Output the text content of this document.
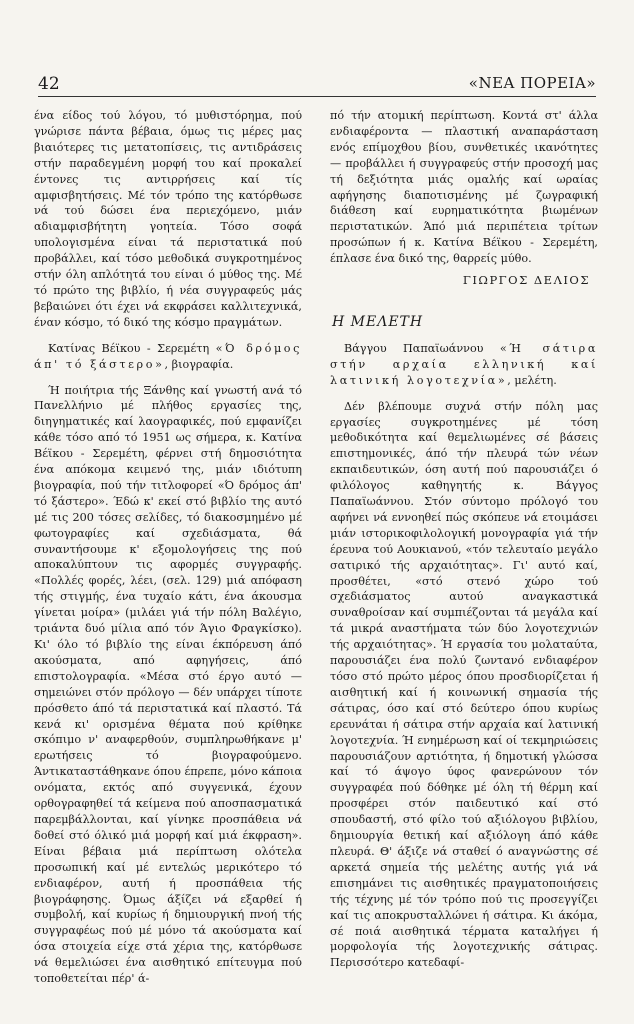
42	«ΝΕΑ ΠΟΡΕΙΑ»

ένα είδος τού λόγου, τό μυθιστόρημα, πού γνώρισε πάντα βέβαια, όμως τις μέρες μας βιαιότερες τις μετατοπίσεις, τις αντιδράσεις στήν παραδεγμένη μορφή του καί προκαλεί έντονες τις αντιρρήσεις καί τίς αμφισβητήσεις. Μέ τόν τρόπο της κατόρθωσε νά τού δώσει ένα περιεχόμενο, μιάν αδιαμφισβήτητη γοητεία. Τόσο σοφά υπολογισμένα είναι τά περιστατικά πού προβάλλει, καί τόσο μεθοδικά συγκροτημένος στήν όλη απλότητά του είναι ό μύθος της. Μέ τό πρώτο της βιβλίο, ή νέα συγγραφεύς μάς βεβαιώνει ότι έχει νά εκφράσει καλλιτεχνικά, έναν κόσμο, τό δικό της κόσμο πραγμάτων.

Κατίνας Βέϊκου - Σερεμέτη «Ό δρόμος άπ' τό ξάστερο», βιογραφία.

Ή ποιήτρια τής Ξάνθης καί γνωστή ανά τό Πανελλήνιο μέ πλήθος εργασίες της, διηγηματικές καί λαογραφικές, πού εμφανίζει κάθε τόσο από τό 1951 ως σήμερα, κ. Κατίνα Βέϊκου - Σερεμέτη, φέρνει στή δημοσιότητα ένα απόκομα κειμενό της, μιάν ιδιότυπη βιογραφία, πού τήν τιτλοφορεί «Ό δρόμος άπ' τό ξάστερο». Έδώ κ' εκεί στό βιβλίο της αυτό μέ τις 200 τόσες σελίδες, τό διακοσμημένο μέ φωτογραφίες καί σχεδιάσματα, θά συναντήσουμε κ' εξομολογήσεις της πού αποκαλύπτουν τις αφορμές συγγραφής. «Πολλές φορές, λέει, (σελ. 129) μιά απόφαση τής στιγμής, ένα τυχαίο κάτι, ένα άκουσμα γίνεται μοίρα» (μιλάει γιά τήν πόλη Βαλέγιο, τριάντα δυό μίλια από τόν Άγιο Φραγκίσκο). Κι' όλο τό βιβλίο της είναι έκπόρευση άπό ακούσματα, από αφηγήσεις, άπό επιστολογραφία. «Μέσα στό έργο αυτό — σημειώνει στόν πρόλογο — δέν υπάρχει τίποτε πρόσθετο άπό τά περιστατικά καί πλαστό. Τά κενά κι' ορισμένα θέματα πού κρίθηκε σκόπιμο ν' αναφερθούν, συμπληρωθήκανε μ' ερωτήσεις τό βιογραφούμενο. Άντικαταστάθηκανε όπου έπρεπε, μόνο κάποια ονόματα, εκτός από συγγενικά, έχουν ορθογραφηθεί τά κείμενα πού αποσπασματικά παρεμβάλλονται, καί γίνηκε προσπάθεια νά δοθεί στό όλικό μιά μορφή καί μιά έκφραση». Είναι βέβαια μιά περίπτωση ολότελα προσωπική καί μέ εντελώς μερικότερο τό ενδιαφέρον, αυτή ή προσπάθεια τής βιογράφησης. Όμως άξίζει νά εξαρθεί ή συμβολή, καί κυρίως ή δημιουργική πνοή τής συγγραφέως πού μέ μόνο τά ακούσματα καί όσα στοιχεία είχε στά χέρια της, κατόρθωσε νά θεμελιώσει ένα αισθητικό επίτευγμα πού τοποθετείται πέρ' ά-

πό τήν ατομική περίπτωση. Κοντά στ' άλλα ενδιαφέροντα — πλαστική αναπαράσταση ενός επίμοχθου βίου, συνθετικές ικανότητες — προβάλλει ή συγγραφεύς στήν προσοχή μας τή δεξιότητα μιάς ομαλής καί ωραίας αφήγησης διαποτισμένης μέ ζωγραφική διάθεση καί ευρηματικότητα βιωμένων περιστατικών. Άπό μιά περιπέτεια τρίτων προσώπων ή κ. Κατίνα Βέϊκου - Σερεμέτη, έπλασε ένα δικό της, θαρρείς μύθο.

ΓΙΩΡΓΟΣ ΔΕΛΙΟΣ
Η ΜΕΛΕΤΗ

Βάγγου Παπαϊωάννου «Ή σάτιρα στήν αρχαία ελληνική καί λατινική λογοτεχνία», μελέτη.

Δέν βλέπουμε συχνά στήν πόλη μας εργασίες συγκροτημένες μέ τόση μεθοδικότητα καί θεμελιωμένες σέ βάσεις επιστημονικές, άπό τήν πλευρά τών νέων εκπαιδευτικών, όση αυτή πού παρουσιάζει ό φιλόλογος καθηγητής κ. Βάγγος Παπαϊωάννου. Στόν σύντομο πρόλογό του αφήνει νά εννοηθεί πώς σκόπευε νά ετοιμάσει μιάν ιστορικοφιλολογική μονογραφία γιά τήν έρευνα τού Αουκιανού, «τόν τελευταίο μεγάλο σατιρικό τής αρχαιότητας». Γι' αυτό καί, προσθέτει, «στό στενό χώρο τού σχεδιάσματος αυτού αναγκαστικά συναθροίσαν καί συμπιέζονται τά μεγάλα καί τά μικρά αναστήματα τών δύο λογοτεχνιών τής αρχαιότητας». Ή εργασία του μολαταύτα, παρουσιάζει ένα πολύ ζωντανό ενδιαφέρον τόσο στό πρώτο μέρος όπου προσδιορίζεται ή αισθητική καί ή κοινωνική σημασία τής σάτιρας, όσο καί στό δεύτερο όπου κυρίως ερευνάται ή σάτιρα στήν αρχαία καί λατινική λογοτεχνία. Ή ενημέρωση καί οί τεκμηριώσεις παρουσιάζουν αρτιότητα, ή δημοτική γλώσσα καί τό άψογο ύφος φανερώνουν τόν συγγραφέα πού δόθηκε μέ όλη τή θέρμη καί προσφέρει στόν παιδευτικό καί στό σπουδαστή, στό φίλο τού αξιόλογου βιβλίου, δημιουργία θετική καί αξιόλογη άπό κάθε πλευρά. Θ' άξιζε νά σταθεί ό αναγνώστης σέ αρκετά σημεία τής μελέτης αυτής γιά νά επισημάνει τις αισθητικές πραγματοποιήσεις τής τέχνης μέ τόν τρόπο πού τις προσεγγίζει καί τις αποκρυσταλλώνει ή σάτιρα. Κι άκόμα, σέ ποιά αισθητικά τέρματα καταλήγει ή μορφολογία τής λογοτεχνικής σάτιρας. Περισσότερο κατεδαφί-
